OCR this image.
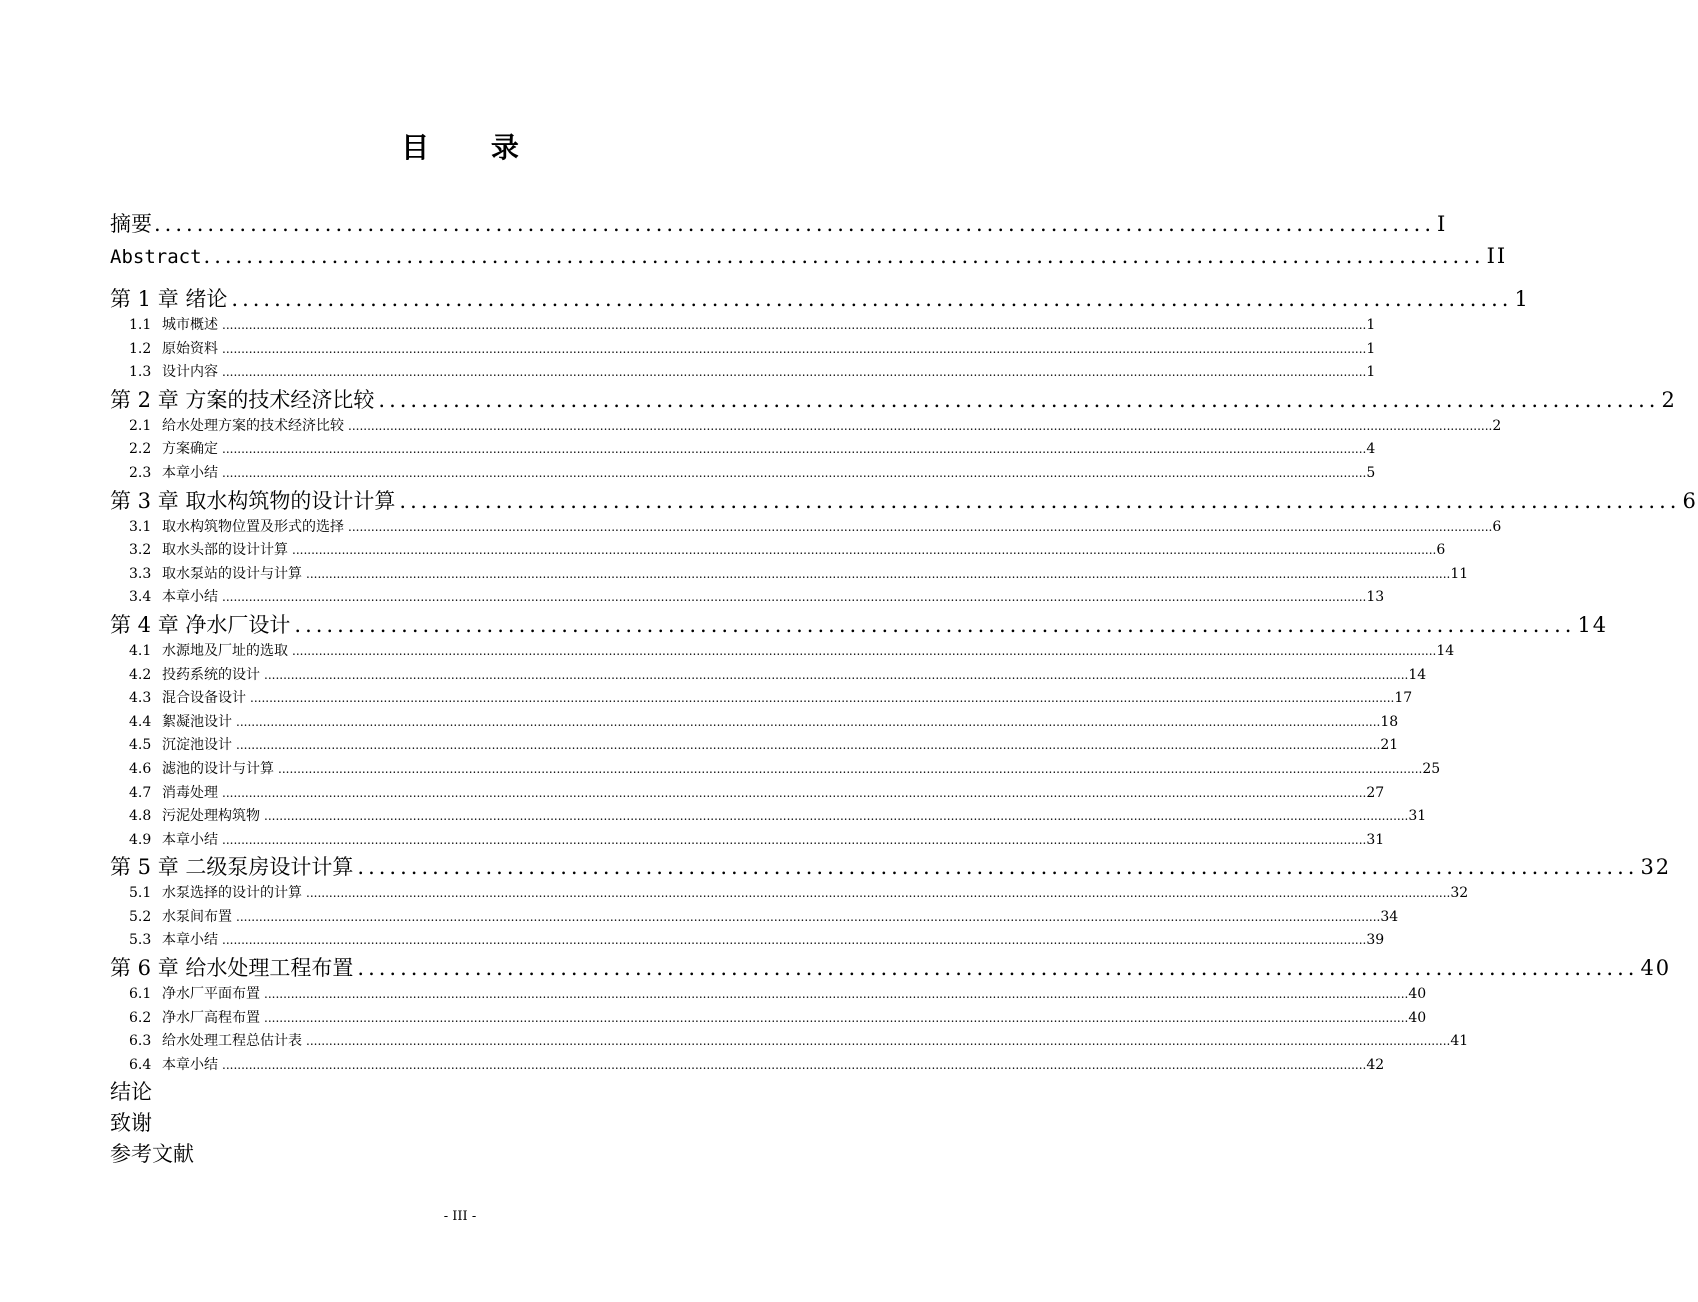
目 录
摘要 ........................................................................................................................ I
Abstract ........................................................................................................................ II
第 1 章 绪论 ........................................................................................................................ 1
1.1 城市概述 ............................................................................................................................................................................................................................................................................................................ 1
1.2 原始资料 ............................................................................................................................................................................................................................................................................................................ 1
1.3 设计内容 ............................................................................................................................................................................................................................................................................................................ 1
第 2 章 方案的技术经济比较 ........................................................................................................................ 2
2.1 给水处理方案的技术经济比较 ............................................................................................................................................................................................................................................................................................................ 2
2.2 方案确定 ............................................................................................................................................................................................................................................................................................................ 4
2.3 本章小结 ............................................................................................................................................................................................................................................................................................................ 5
第 3 章 取水构筑物的设计计算 ........................................................................................................................ 6
3.1 取水构筑物位置及形式的选择 ............................................................................................................................................................................................................................................................................................................ 6
3.2 取水头部的设计计算 ............................................................................................................................................................................................................................................................................................................ 6
3.3 取水泵站的设计与计算 ............................................................................................................................................................................................................................................................................................................ 11
3.4 本章小结 ............................................................................................................................................................................................................................................................................................................ 13
第 4 章 净水厂设计 ........................................................................................................................ 14
4.1 水源地及厂址的选取 ............................................................................................................................................................................................................................................................................................................ 14
4.2 投药系统的设计 ............................................................................................................................................................................................................................................................................................................ 14
4.3 混合设备设计 ............................................................................................................................................................................................................................................................................................................ 17
4.4 絮凝池设计 ............................................................................................................................................................................................................................................................................................................ 18
4.5 沉淀池设计 ............................................................................................................................................................................................................................................................................................................ 21
4.6 滤池的设计与计算 ............................................................................................................................................................................................................................................................................................................ 25
4.7 消毒处理 ............................................................................................................................................................................................................................................................................................................ 27
4.8 污泥处理构筑物 ............................................................................................................................................................................................................................................................................................................ 31
4.9 本章小结 ............................................................................................................................................................................................................................................................................................................ 31
第 5 章 二级泵房设计计算 ........................................................................................................................ 32
5.1 水泵选择的设计的计算 ............................................................................................................................................................................................................................................................................................................ 32
5.2 水泵间布置 ............................................................................................................................................................................................................................................................................................................ 34
5.3 本章小结 ............................................................................................................................................................................................................................................................................................................ 39
第 6 章 给水处理工程布置 ........................................................................................................................ 40
6.1 净水厂平面布置 ............................................................................................................................................................................................................................................................................................................ 40
6.2 净水厂高程布置 ............................................................................................................................................................................................................................................................................................................ 40
6.3 给水处理工程总估计表 ............................................................................................................................................................................................................................................................................................................ 41
6.4 本章小结 ............................................................................................................................................................................................................................................................................................................ 42
结论
致谢
参考文献
- III -
